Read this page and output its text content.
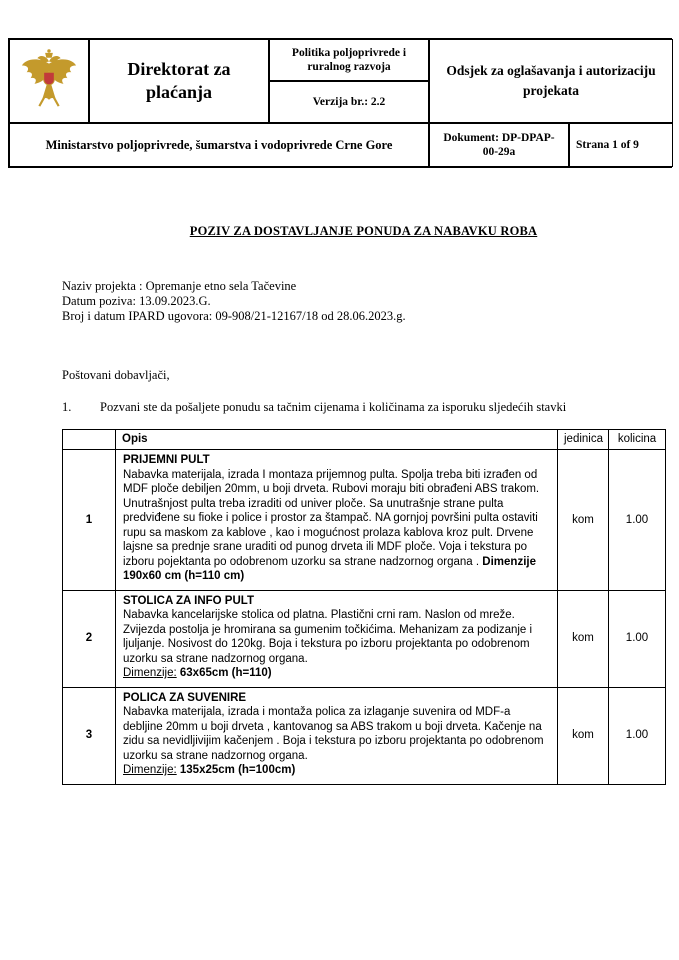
Direktorat za plaćanja
Politika poljoprivrede i ruralnog razvoja
Verzija br.: 2.2
Odsjek za oglašavanja i autorizaciju projekata
Ministarstvo poljoprivrede, šumarstva i vodoprivrede Crne Gore
Dokument: DP-DPAP-00-29a
Strana 1 of 9
POZIV ZA DOSTAVLJANJE PONUDA ZA NABAVKU ROBA
Naziv projekta : Opremanje etno sela Tačevine
Datum poziva: 13.09.2023.G.
Broj i datum IPARD ugovora: 09-908/21-12167/18 od 28.06.2023.g.
Poštovani dobavljači,
1.	Pozvani ste da pošaljete ponudu sa tačnim cijenama i količinama za isporuku sljedećih stavki
	Opis	jedinica	kolicina
1	PRIJEMNI PULT
Nabavka materijala, izrada I montaza prijemnog pulta. Spolja treba biti izrađen od MDF ploče debiljen 20mm, u boji drveta. Rubovi moraju biti obrađeni ABS trakom. Unutrašnjost pulta treba izraditi od univer ploče. Sa unutrašnje strane pulta predviđene su fioke i police i prostor za štampač. NA gornjoj površini pulta ostaviti rupu sa maskom za kablove , kao i mogućnost prolaza kablova kroz pult. Drvene lajsne sa prednje srane uraditi od punog drveta ili MDF ploče. Voja i tekstura po izboru pojektanta po odobrenom uzorku sa strane nadzornog organa . Dimenzije 190x60 cm (h=110 cm)	kom	1.00
2	STOLICA ZA INFO PULT
Nabavka kancelarijske stolica od platna. Plastični crni ram. Naslon od mreže. Zvijezda postolja je hromirana sa gumenim točkićima. Mehanizam za podizanje i ljuljanje. Nosivost do 120kg. Boja i tekstura po izboru projektanta po odobrenom uzorku sa strane nadzornog organa.
Dimenzije: 63x65cm (h=110)	kom	1.00
3	POLICA ZA SUVENIRE
Nabavka materijala, izrada i montaža polica za izlaganje suvenira od MDF-a debljine 20mm u boji drveta , kantovanog sa ABS trakom u boji drveta. Kačenje na zidu sa nevidljivijim kačenjem . Boja i tekstura po izboru projektanta po odobrenom uzorku sa strane nadzornog organa.
Dimenzije: 135x25cm (h=100cm)	kom	1.00
